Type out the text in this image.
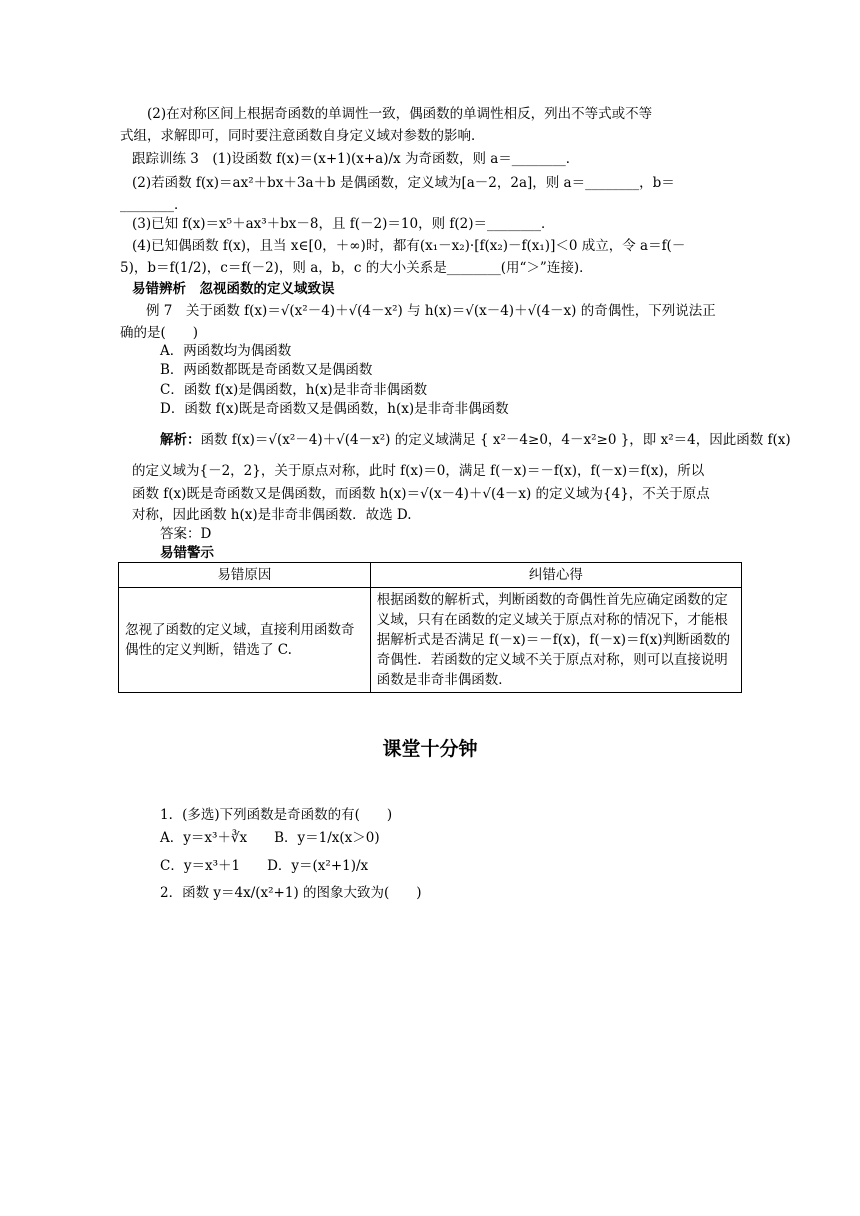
(2)在对称区间上根据奇函数的单调性一致，偶函数的单调性相反，列出不等式或不等
式组，求解即可，同时要注意函数自身定义域对参数的影响．
跟踪训练 3　(1)设函数 f(x)＝(x+1)(x+a)/x 为奇函数，则 a＝________．
(2)若函数 f(x)＝ax²＋bx＋3a＋b 是偶函数，定义域为[a－2，2a]，则 a＝________，b＝
________．
(3)已知 f(x)＝x⁵＋ax³＋bx－8，且 f(－2)＝10，则 f(2)＝________．
(4)已知偶函数 f(x)，且当 x∈[0，＋∞)时，都有(x₁－x₂)·[f(x₂)－f(x₁)]＜0 成立，令 a＝f(－
5)，b＝f(1/2)，c＝f(－2)，则 a，b，c 的大小关系是________(用“＞”连接)．
易错辨析　忽视函数的定义域致误
例 7　关于函数 f(x)＝√(x²－4)＋√(4－x²) 与 h(x)＝√(x－4)＋√(4－x) 的奇偶性，下列说法正
确的是(　　)
A．两函数均为偶函数
B．两函数都既是奇函数又是偶函数
C．函数 f(x)是偶函数，h(x)是非奇非偶函数
D．函数 f(x)既是奇函数又是偶函数，h(x)是非奇非偶函数
解析：函数 f(x)＝√(x²－4)＋√(4－x²) 的定义域满足 { x²－4≥0，4－x²≥0 }，即 x²＝4，因此函数 f(x)
的定义域为{－2，2}，关于原点对称，此时 f(x)＝0，满足 f(－x)＝－f(x)，f(－x)＝f(x)，所以
函数 f(x)既是奇函数又是偶函数，而函数 h(x)＝√(x－4)＋√(4－x) 的定义域为{4}，不关于原点
对称，因此函数 h(x)是非奇非偶函数．故选 D.
答案：D
易错警示
易错原因	纠错心得
忽视了函数的定义域，直接利用函数奇偶性的定义判断，错选了 C.	根据函数的解析式，判断函数的奇偶性首先应确定函数的定义域，只有在函数的定义域关于原点对称的情况下，才能根据解析式是否满足 f(－x)＝－f(x)，f(－x)＝f(x)判断函数的奇偶性．若函数的定义域不关于原点对称，则可以直接说明函数是非奇非偶函数．
课堂十分钟
1．(多选)下列函数是奇函数的有(　　)
A．y＝x³＋∛x　　B．y＝1/x(x＞0)
C．y＝x³＋1　　D．y＝(x²+1)/x
2．函数 y＝4x/(x²+1) 的图象大致为(　　)
